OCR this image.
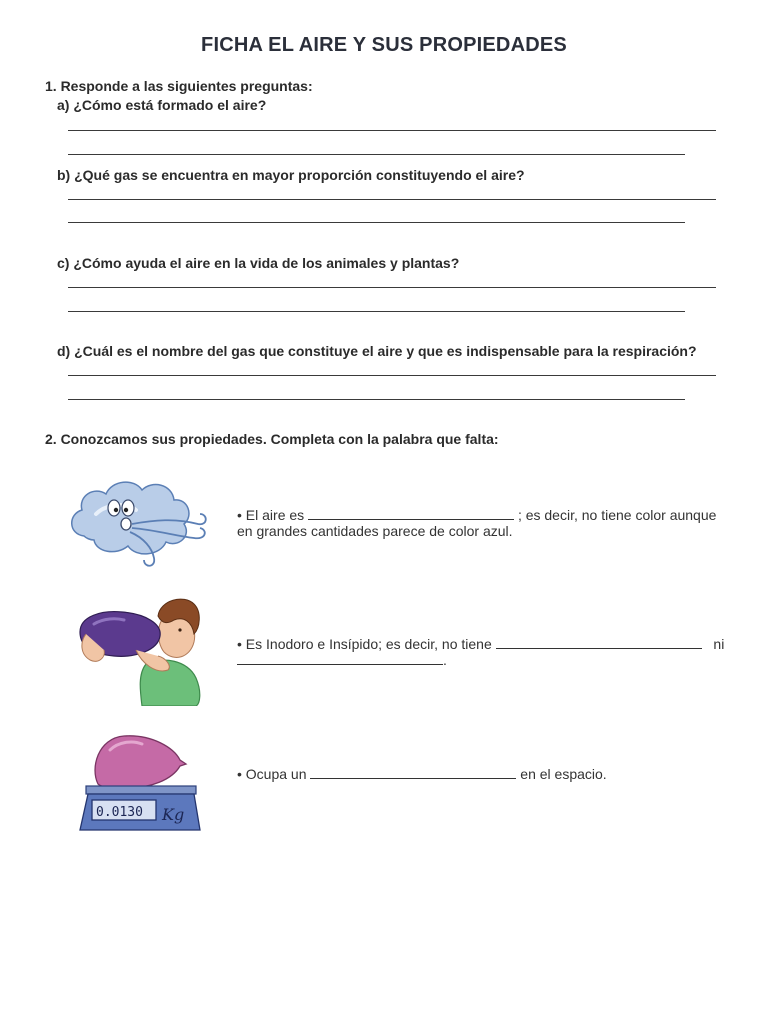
FICHA EL AIRE Y SUS PROPIEDADES
1. Responde a las siguientes preguntas:
a) ¿Cómo está formado el aire?
b) ¿Qué gas se encuentra en mayor proporción constituyendo el aire?
c) ¿Cómo ayuda el aire en la vida de los animales y plantas?
d) ¿Cuál es el nombre del gas que constituye el aire y que es indispensable para la respiración?
2. Conozcamos sus propiedades. Completa con la palabra que falta:
• El aire es	; es decir, no tiene color aunque en grandes cantidades parece de color azul.
• Es Inodoro e Insípido; es decir, no tiene	ni
.
0.0130 Kg
• Ocupa un	en el espacio.
